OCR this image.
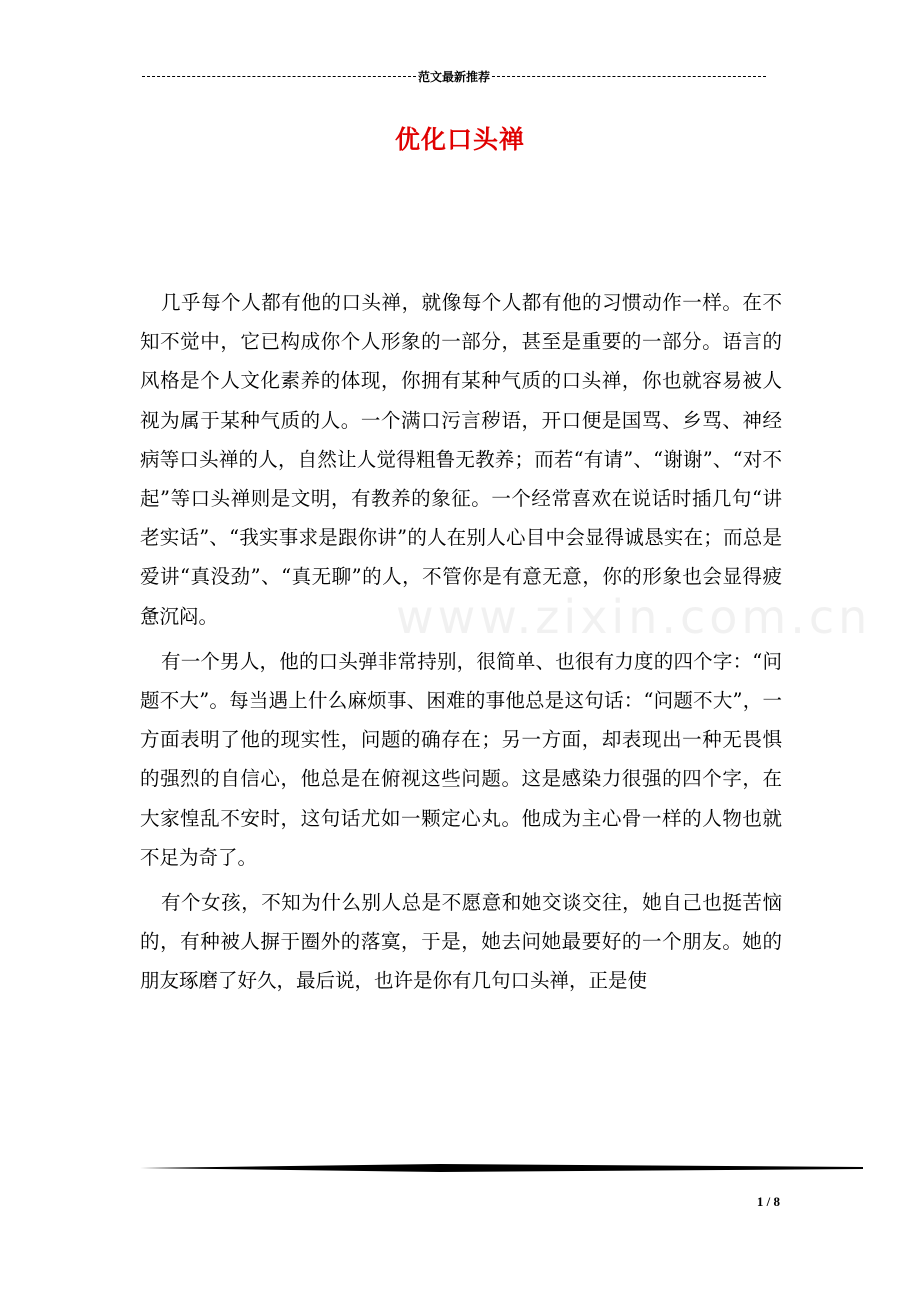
范文最新推荐
优化口头禅
www.zixin.com.cn

几乎每个人都有他的口头禅，就像每个人都有他的习惯动作一样。在不知不觉中，它已构成你个人形象的一部分，甚至是重要的一部分。语言的风格是个人文化素养的体现，你拥有某种气质的口头禅，你也就容易被人视为属于某种气质的人。一个满口污言秽语，开口便是国骂、乡骂、神经病等口头禅的人，自然让人觉得粗鲁无教养；而若“有请”、“谢谢”、“对不起”等口头禅则是文明，有教养的象征。一个经常喜欢在说话时插几句“讲老实话”、“我实事求是跟你讲”的人在别人心目中会显得诚恳实在；而总是爱讲“真没劲”、“真无聊”的人，不管你是有意无意，你的形象也会显得疲惫沉闷。

有一个男人，他的口头弹非常持别，很简单、也很有力度的四个字：“问题不大”。每当遇上什么麻烦事、困难的事他总是这句话：“问题不大”，一方面表明了他的现实性，问题的确存在；另一方面，却表现出一种无畏惧的强烈的自信心，他总是在俯视这些问题。这是感染力很强的四个字，在大家惶乱不安时，这句话尤如一颗定心丸。他成为主心骨一样的人物也就不足为奇了。

有个女孩，不知为什么别人总是不愿意和她交谈交往，她自己也挺苦恼的，有种被人摒于圈外的落寞，于是，她去问她最要好的一个朋友。她的朋友琢磨了好久，最后说，也许是你有几句口头禅，正是使

1 / 8
